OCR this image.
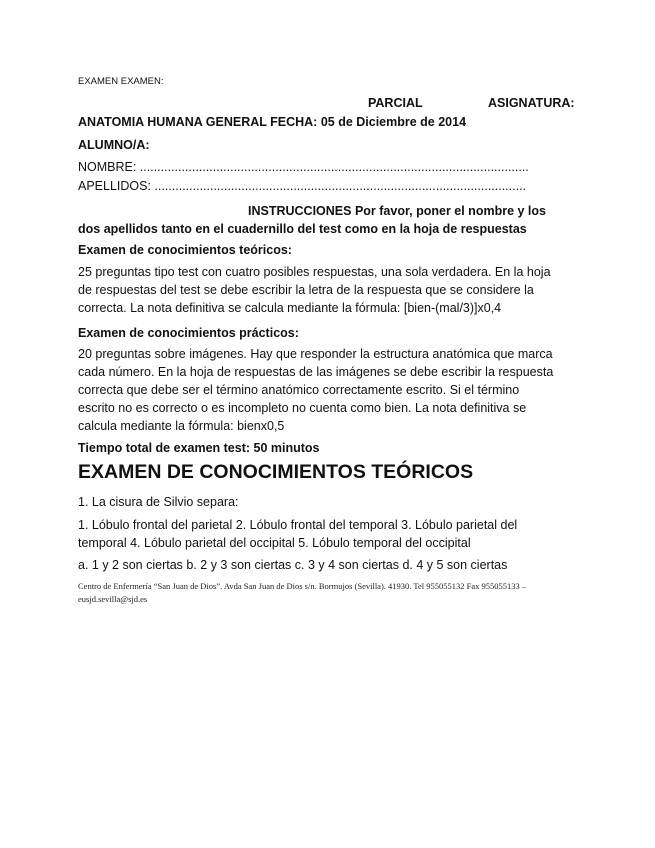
EXAMEN EXAMEN:
PARCIAL	ASIGNATURA:
ANATOMIA HUMANA GENERAL FECHA: 05 de Diciembre de 2014
ALUMNO/A:
NOMBRE: ................................................................................................................
APELLIDOS: ...........................................................................................................
INSTRUCCIONES Por favor, poner el nombre y los dos apellidos tanto en el cuadernillo del test como en la hoja de respuestas
Examen de conocimientos teóricos:
25 preguntas tipo test con cuatro posibles respuestas, una sola verdadera. En la hoja de respuestas del test se debe escribir la letra de la respuesta que se considere la correcta. La nota definitiva se calcula mediante la fórmula: [bien-(mal/3)]x0,4
Examen de conocimientos prácticos:
20 preguntas sobre imágenes. Hay que responder la estructura anatómica que marca cada número. En la hoja de respuestas de las imágenes se debe escribir la respuesta correcta que debe ser el término anatómico correctamente escrito. Si el término escrito no es correcto o es incompleto no cuenta como bien. La nota definitiva se calcula mediante la fórmula: bienx0,5
Tiempo total de examen test: 50 minutos
EXAMEN DE CONOCIMIENTOS TEÓRICOS
1. La cisura de Silvio separa:
1. Lóbulo frontal del parietal 2. Lóbulo frontal del temporal 3. Lóbulo parietal del temporal 4. Lóbulo parietal del occipital 5. Lóbulo temporal del occipital
a. 1 y 2 son ciertas b. 2 y 3 son ciertas c. 3 y 4 son ciertas d. 4 y 5 son ciertas
Centro de Enfermería “San Juan de Dios”. Avda San Juan de Dios s/n. Bormujos (Sevilla). 41930. Tel 955055132 Fax 955055133 – eusjd.sevilla@sjd.es
